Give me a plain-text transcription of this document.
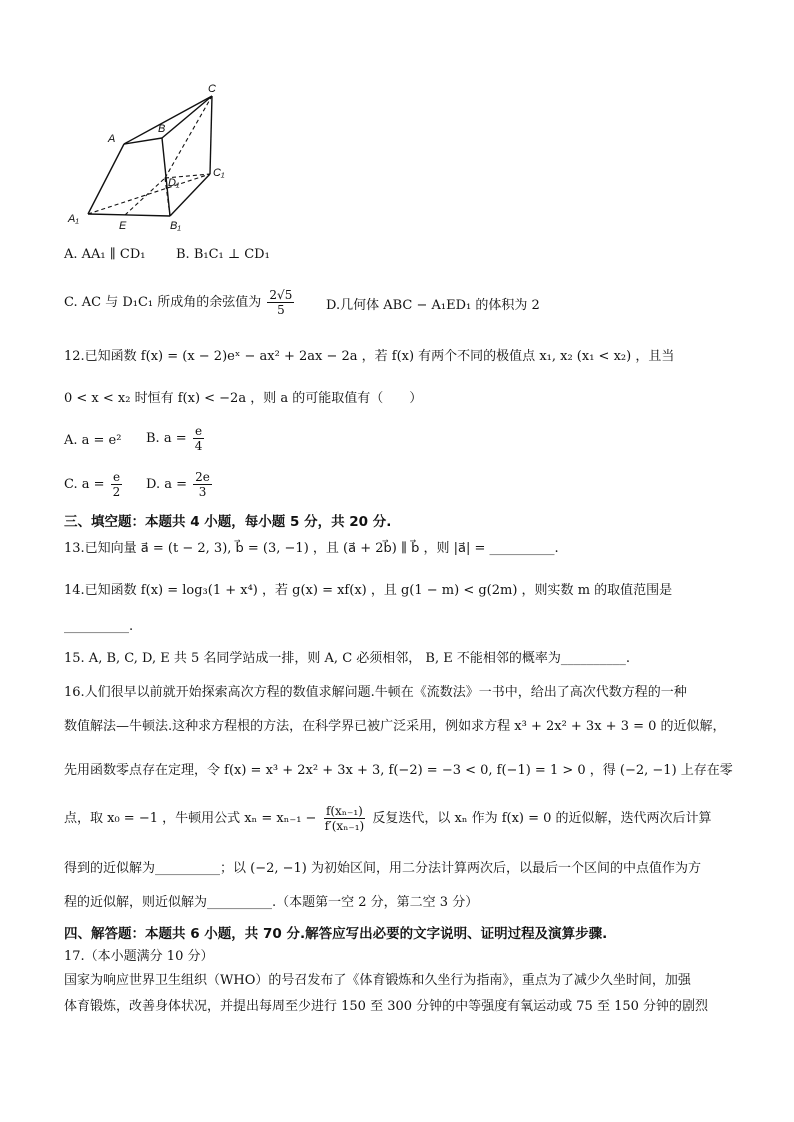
A
B
C
C₁
D₁
A₁
E	B₁
A. AA₁ ∥ CD₁ B. B₁C₁ ⊥ CD₁
C. AC 与 D₁C₁ 所成角的余弦值为 $\frac{2√5}{5} D$.几何体 ABC − A₁ED₁ 的体积为 2
12.已知函数 f(x) = (x − 2)eˣ − ax² + 2ax − 2a ，若 f(x) 有两个不同的极值点 x₁, x₂ (x₁ < x₂) ，且当
0 < x < x₂ 时恒有 f(x) < −2a ，则 a 的可能取值有（　　）
A. a = e² B. $a = \frac{e}{4}$
C. $a = \frac{e}{2} D$. $a = \frac{2e}{3}$
三、填空题：本题共 4 小题，每小题 5 分，共 20 分.
13.已知向量 a⃗ = (t − 2, 3), b⃗ = (3, −1) ，且 (a⃗ + 2b⃗) ∥ b⃗ ，则 |a⃗| = __________.
14.已知函数 f(x) = log₃(1 + x⁴) ，若 g(x) = xf(x) ，且 g(1 − m) < g(2m) ，则实数 m 的取值范围是
__________.
15. A, B, C, D, E 共 5 名同学站成一排，则 A, C 必须相邻， B, E 不能相邻的概率为__________.
16.人们很早以前就开始探索高次方程的数值求解问题.牛顿在《流数法》一书中，给出了高次代数方程的一种
数值解法—牛顿法.这种求方程根的方法，在科学界已被广泛采用，例如求方程 x³ + 2x² + 3x + 3 = 0 的近似解，
先用函数零点存在定理，令 f(x) = x³ + 2x² + 3x + 3, f(−2) = −3 < 0, f(−1) = 1 > 0 ，得 (−2, −1) 上存在零
点，取 x₀ = −1 ，牛顿用公式 $x_n = x_{n-1} - \frac{\text{f(xₙ₋₁)}}{\text{f′(xₙ₋₁)}}$ 反复迭代，以 xₙ 作为 f(x) = 0 的近似解，迭代两次后计算
得到的近似解为__________；以 (−2, −1) 为初始区间，用二分法计算两次后，以最后一个区间的中点值作为方
程的近似解，则近似解为__________.（本题第一空 2 分，第二空 3 分）
四、解答题：本题共 6 小题，共 70 分.解答应写出必要的文字说明、证明过程及演算步骤.
17.（本小题满分 10 分）
国家为响应世界卫生组织（WHO）的号召发布了《体育锻炼和久坐行为指南》，重点为了减少久坐时间，加强
体育锻炼，改善身体状况，并提出每周至少进行 150 至 300 分钟的中等强度有氧运动或 75 至 150 分钟的剧烈
